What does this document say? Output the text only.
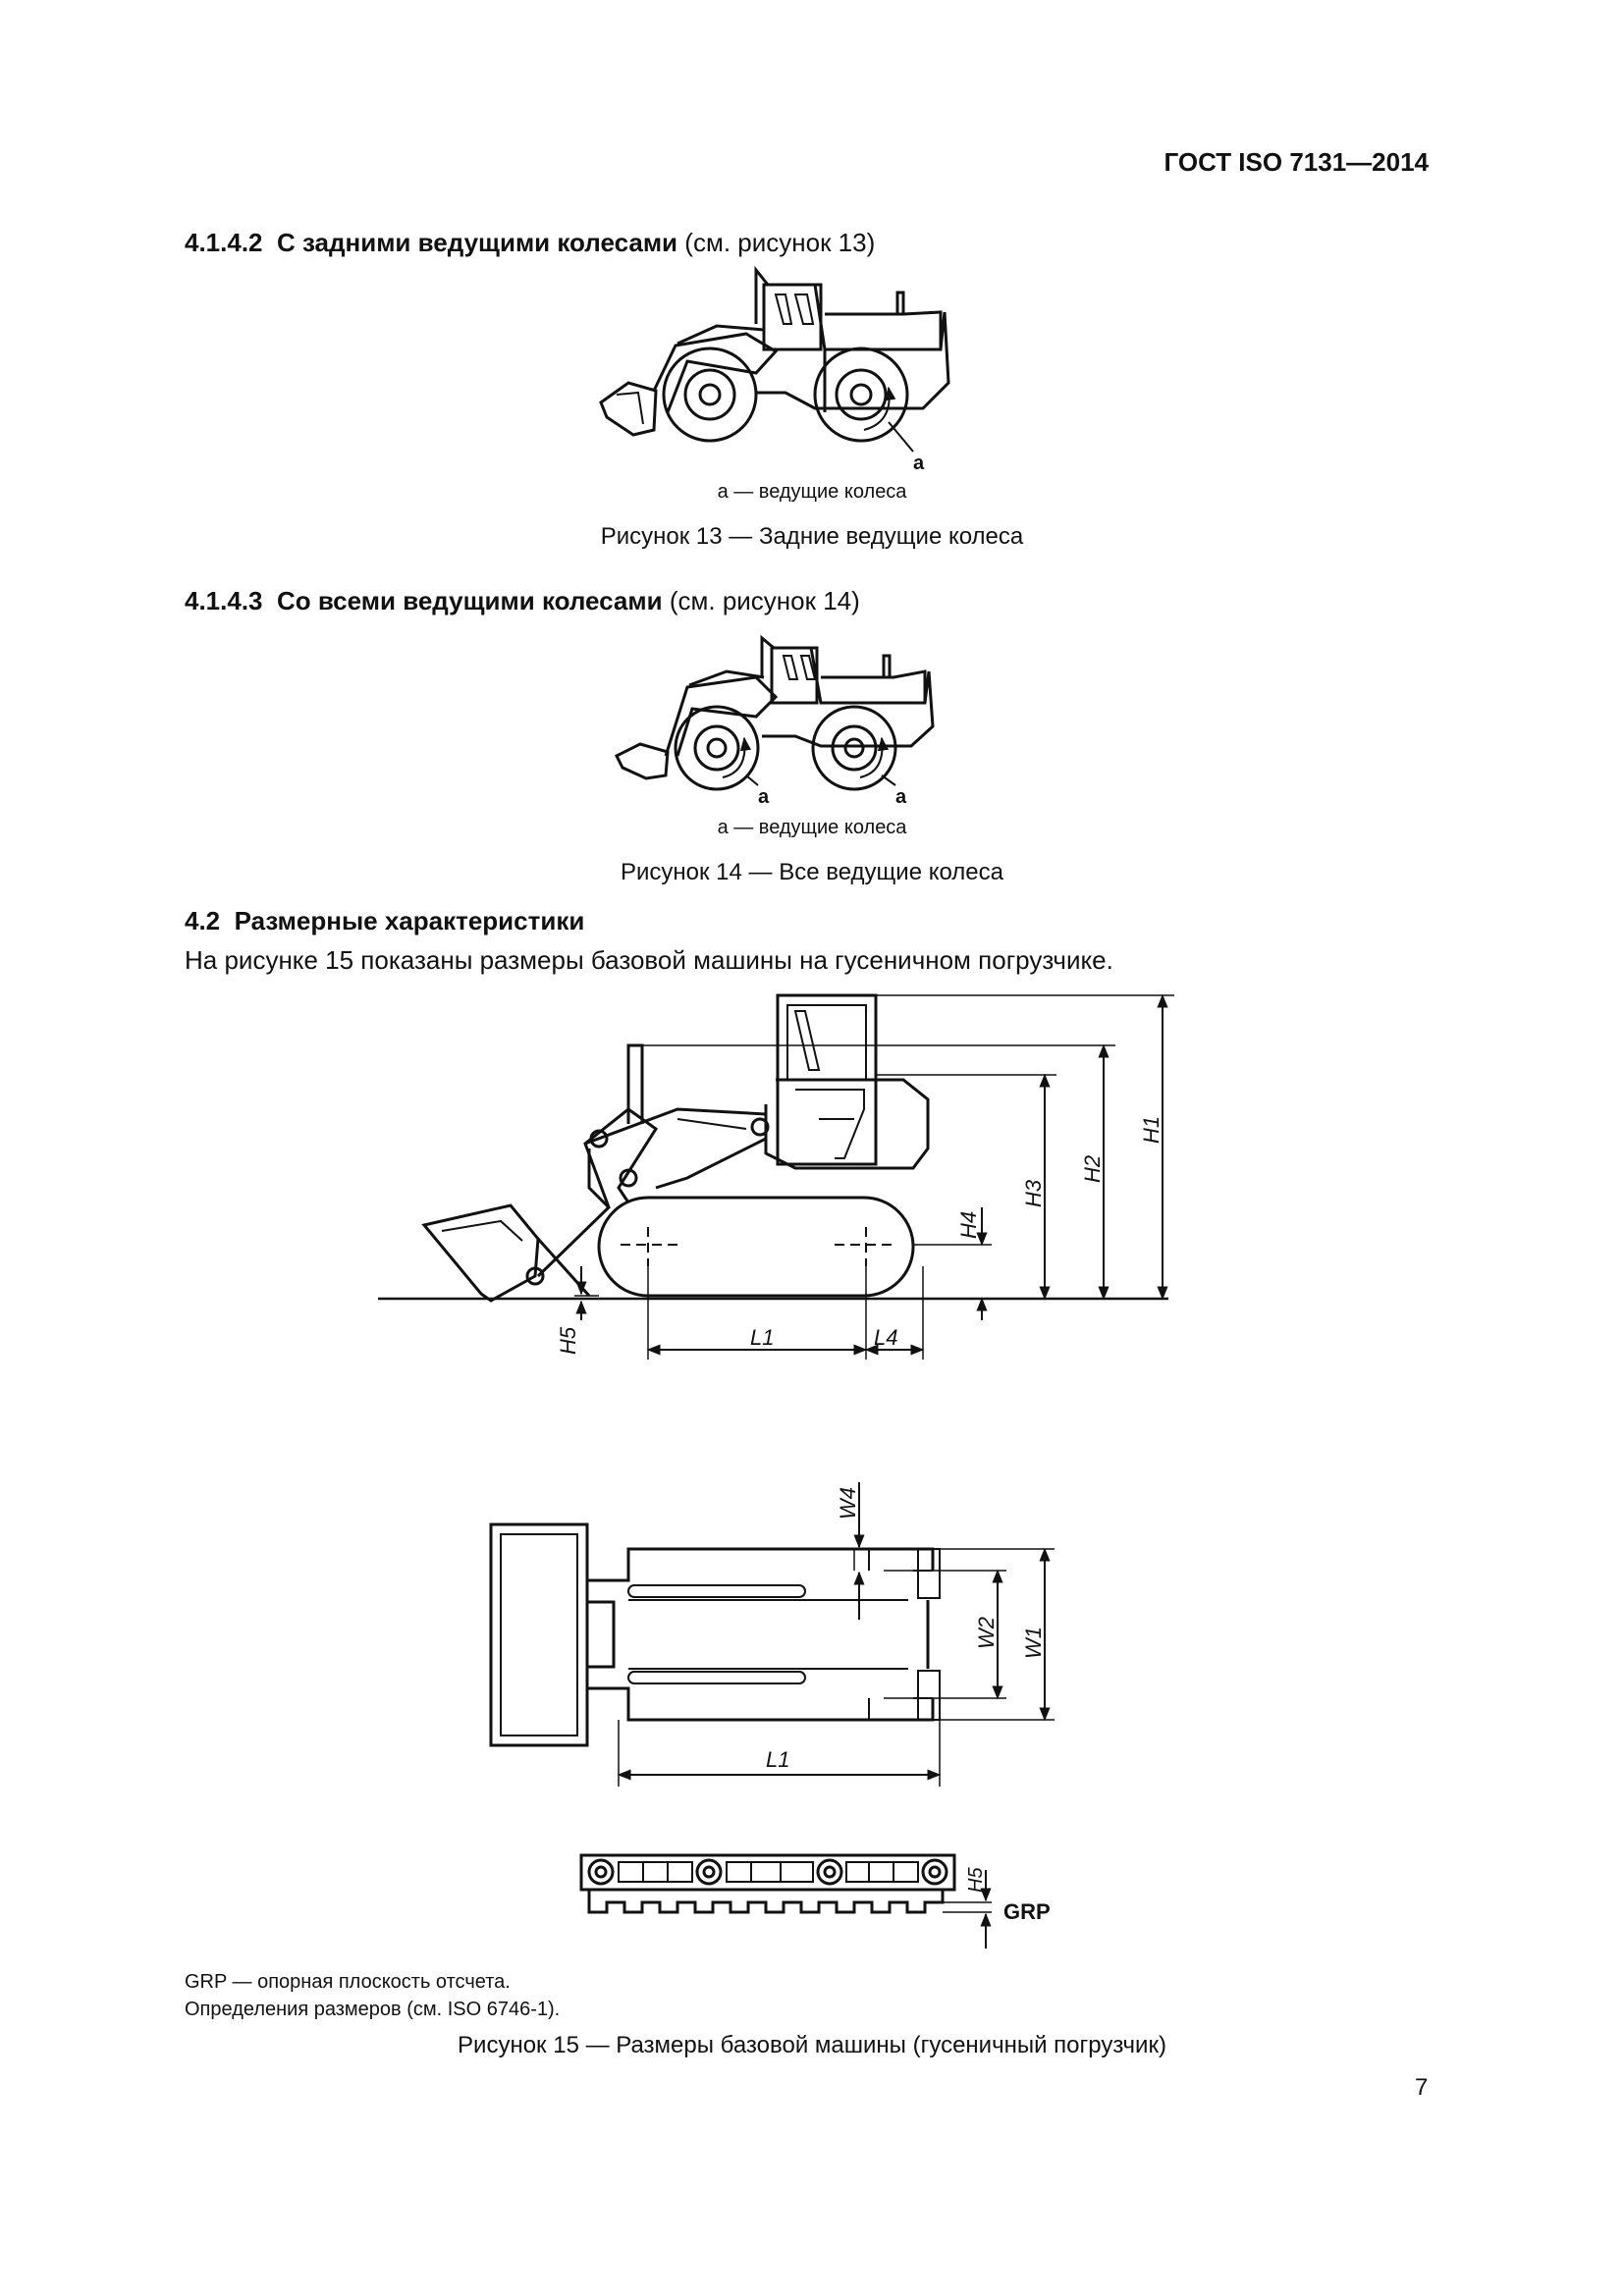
ГОСТ ISO 7131—2014
4.1.4.2 С задними ведущими колесами (см. рисунок 13)
4.1.4.3 Со всеми ведущими колесами (см. рисунок 14)
4.2 Размерные характеристики
На рисунке 15 показаны размеры базовой машины на гусеничном погрузчике.
a — ведущие колеса
Рисунок 13 — Задние ведущие колеса
a — ведущие колеса
Рисунок 14 — Все ведущие колеса
GRP — опорная плоскость отсчета.
Определения размеров (см. ISO 6746-1).
Рисунок 15 — Размеры базовой машины (гусеничный погрузчик)
7
a
a	a
H1
H2
H3
H4
H5	L1	L4
W1
W2
W4
L1
H5
GRP
